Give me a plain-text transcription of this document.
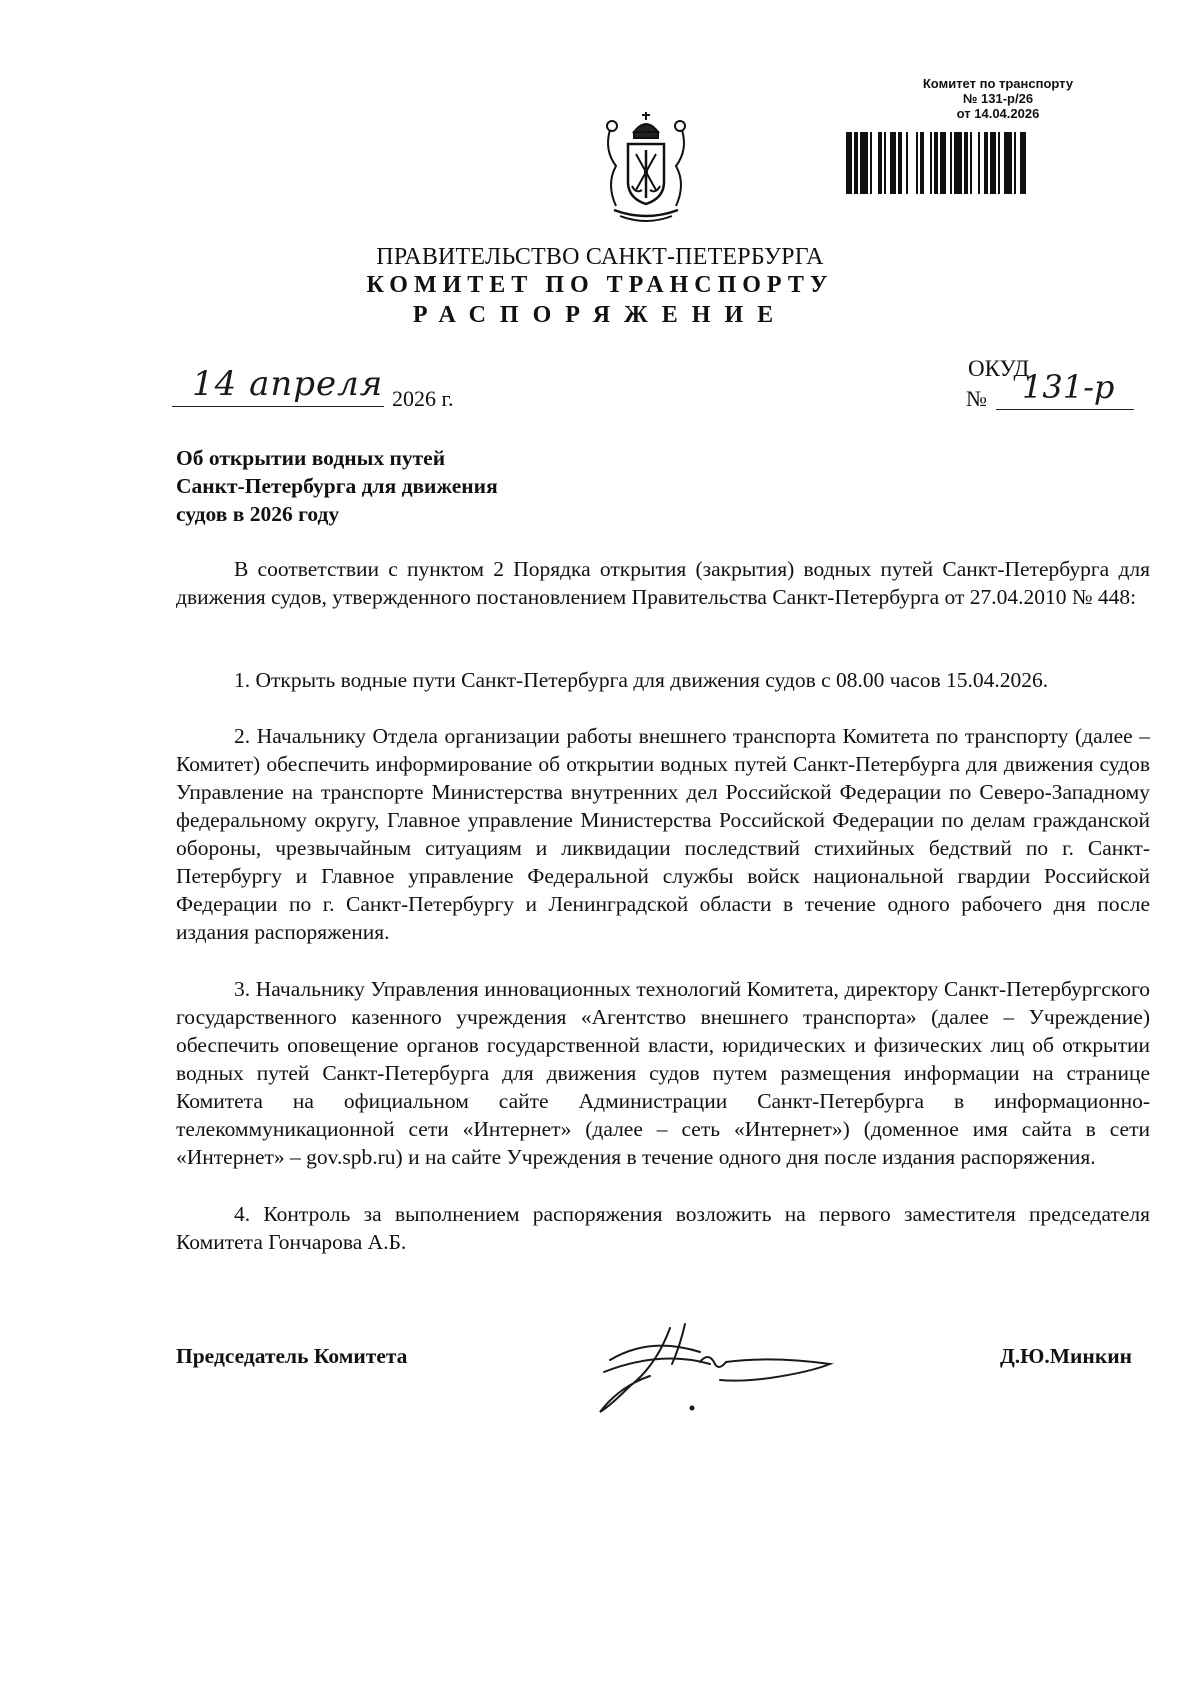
Комитет по транспорту
№ 131-р/26
от 14.04.2026
ПРАВИТЕЛЬСТВО САНКТ-ПЕТЕРБУРГА
КОМИТЕТ ПО ТРАНСПОРТУ
РАСПОРЯЖЕНИЕ
14 апреля 2026 г.
ОКУД
№ 131-р
Об открытии водных путей
Санкт-Петербурга для движения
судов в 2026 году
В соответствии с пунктом 2 Порядка открытия (закрытия) водных путей Санкт-Петербурга для движения судов, утвержденного постановлением Правительства Санкт-Петербурга от 27.04.2010 № 448:
1. Открыть водные пути Санкт-Петербурга для движения судов с 08.00 часов 15.04.2026.
2. Начальнику Отдела организации работы внешнего транспорта Комитета по транспорту (далее – Комитет) обеспечить информирование об открытии водных путей Санкт-Петербурга для движения судов Управление на транспорте Министерства внутренних дел Российской Федерации по Северо-Западному федеральному округу, Главное управление Министерства Российской Федерации по делам гражданской обороны, чрезвычайным ситуациям и ликвидации последствий стихийных бедствий по г. Санкт-Петербургу и Главное управление Федеральной службы войск национальной гвардии Российской Федерации по г. Санкт-Петербургу и Ленинградской области в течение одного рабочего дня после издания распоряжения.
3. Начальнику Управления инновационных технологий Комитета, директору Санкт-Петербургского государственного казенного учреждения «Агентство внешнего транспорта» (далее – Учреждение) обеспечить оповещение органов государственной власти, юридических и физических лиц об открытии водных путей Санкт-Петербурга для движения судов путем размещения информации на странице Комитета на официальном сайте Администрации Санкт-Петербурга в информационно-телекоммуникационной сети «Интернет» (далее – сеть «Интернет») (доменное имя сайта в сети «Интернет» – gov.spb.ru) и на сайте Учреждения в течение одного дня после издания распоряжения.
4. Контроль за выполнением распоряжения возложить на первого заместителя председателя Комитета Гончарова А.Б.
Председатель Комитета	Д.Ю.Минкин
